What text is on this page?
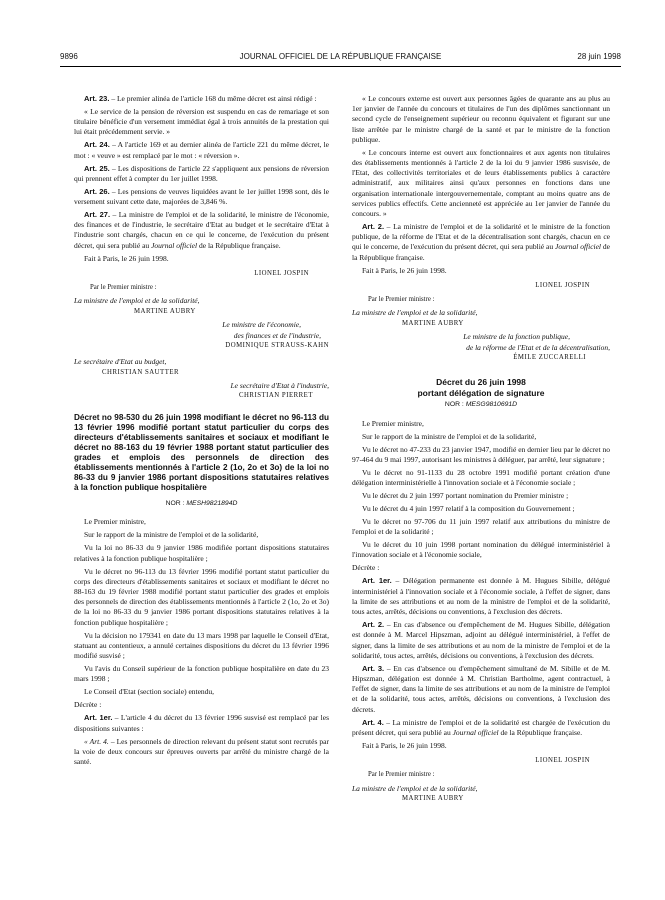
9896	JOURNAL OFFICIEL DE LA RÉPUBLIQUE FRANÇAISE	28 juin 1998

Art. 23. – Le premier alinéa de l'article 168 du même décret est ainsi rédigé :

« Le service de la pension de réversion est suspendu en cas de remariage et son titulaire bénéficie d'un versement immédiat égal à trois annuités de la prestation qui lui était précédemment servie. »

Art. 24. – A l'article 169 et au dernier alinéa de l'article 221 du même décret, le mot : « veuve » est remplacé par le mot : « réversion ».

Art. 25. – Les dispositions de l'article 22 s'appliquent aux pensions de réversion qui prennent effet à compter du 1er juillet 1998.

Art. 26. – Les pensions de veuves liquidées avant le 1er juillet 1998 sont, dès le versement suivant cette date, majorées de 3,846 %.

Art. 27. – La ministre de l'emploi et de la solidarité, le ministre de l'économie, des finances et de l'industrie, le secrétaire d'Etat au budget et le secrétaire d'Etat à l'industrie sont chargés, chacun en ce qui le concerne, de l'exécution du présent décret, qui sera publié au Journal officiel de la République française.

Fait à Paris, le 26 juin 1998.
LIONEL JOSPIN
Par le Premier ministre :
La ministre de l'emploi et de la solidarité,
MARTINE AUBRY
Le ministre de l'économie,
des finances et de l'industrie,
DOMINIQUE STRAUSS-KAHN
Le secrétaire d'Etat au budget,
CHRISTIAN SAUTTER
Le secrétaire d'Etat à l'industrie,
CHRISTIAN PIERRET
Décret no 98-530 du 26 juin 1998 modifiant le décret no 96-113 du 13 février 1996 modifié portant statut particulier du corps des directeurs d'établissements sanitaires et sociaux et modifiant le décret no 88-163 du 19 février 1988 portant statut particulier des grades et emplois des personnels de direction des établissements mentionnés à l'article 2 (1o, 2o et 3o) de la loi no 86-33 du 9 janvier 1986 portant dispositions statutaires relatives à la fonction publique hospitalière
NOR : MESH9821894D

Le Premier ministre,

Sur le rapport de la ministre de l'emploi et de la solidarité,

Vu la loi no 86-33 du 9 janvier 1986 modifiée portant dispositions statutaires relatives à la fonction publique hospitalière ;

Vu le décret no 96-113 du 13 février 1996 modifié portant statut particulier du corps des directeurs d'établissements sanitaires et sociaux et modifiant le décret no 88-163 du 19 février 1988 modifié portant statut particulier des grades et emplois des personnels de direction des établissements mentionnés à l'article 2 (1o, 2o et 3o) de la loi no 86-33 du 9 janvier 1986 portant dispositions statutaires relatives à la fonction publique hospitalière ;

Vu la décision no 179341 en date du 13 mars 1998 par laquelle le Conseil d'Etat, statuant au contentieux, a annulé certaines dispositions du décret du 13 février 1996 modifié susvisé ;

Vu l'avis du Conseil supérieur de la fonction publique hospitalière en date du 23 mars 1998 ;

Le Conseil d'Etat (section sociale) entendu,

Décrète :

Art. 1er. – L'article 4 du décret du 13 février 1996 susvisé est remplacé par les dispositions suivantes :

« Art. 4. – Les personnels de direction relevant du présent statut sont recrutés par la voie de deux concours sur épreuves ouverts par arrêté du ministre chargé de la santé.

« Le concours externe est ouvert aux personnes âgées de quarante ans au plus au 1er janvier de l'année du concours et titulaires de l'un des diplômes sanctionnant un second cycle de l'enseignement supérieur ou reconnu équivalent et figurant sur une liste arrêtée par le ministre chargé de la santé et par le ministre de la fonction publique.

« Le concours interne est ouvert aux fonctionnaires et aux agents non titulaires des établissements mentionnés à l'article 2 de la loi du 9 janvier 1986 susvisée, de l'Etat, des collectivités territoriales et de leurs établissements publics à caractère administratif, aux militaires ainsi qu'aux personnes en fonctions dans une organisation internationale intergouvernementale, comptant au moins quatre ans de services publics effectifs. Cette ancienneté est appréciée au 1er janvier de l'année du concours. »

Art. 2. – La ministre de l'emploi et de la solidarité et le ministre de la fonction publique, de la réforme de l'Etat et de la décentralisation sont chargés, chacun en ce qui le concerne, de l'exécution du présent décret, qui sera publié au Journal officiel de la République française.

Fait à Paris, le 26 juin 1998.
LIONEL JOSPIN
Par le Premier ministre :
La ministre de l'emploi et de la solidarité,
MARTINE AUBRY
Le ministre de la fonction publique,
de la réforme de l'Etat et de la décentralisation,
ÉMILE ZUCCARELLI
Décret du 26 juin 1998
portant délégation de signature
NOR : MESG9810691D

Le Premier ministre,

Sur le rapport de la ministre de l'emploi et de la solidarité,

Vu le décret no 47-233 du 23 janvier 1947, modifié en dernier lieu par le décret no 97-464 du 9 mai 1997, autorisant les ministres à déléguer, par arrêté, leur signature ;

Vu le décret no 91-1133 du 28 octobre 1991 modifié portant création d'une délégation interministérielle à l'innovation sociale et à l'économie sociale ;

Vu le décret du 2 juin 1997 portant nomination du Premier ministre ;

Vu le décret du 4 juin 1997 relatif à la composition du Gouvernement ;

Vu le décret no 97-706 du 11 juin 1997 relatif aux attributions du ministre de l'emploi et de la solidarité ;

Vu le décret du 10 juin 1998 portant nomination du délégué interministériel à l'innovation sociale et à l'économie sociale,

Décrète :

Art. 1er. – Délégation permanente est donnée à M. Hugues Sibille, délégué interministériel à l'innovation sociale et à l'économie sociale, à l'effet de signer, dans la limite de ses attributions et au nom de la ministre de l'emploi et de la solidarité, tous actes, arrêtés, décisions ou conventions, à l'exclusion des décrets.

Art. 2. – En cas d'absence ou d'empêchement de M. Hugues Sibille, délégation est donnée à M. Marcel Hipszman, adjoint au délégué interministériel, à l'effet de signer, dans la limite de ses attributions et au nom de la ministre de l'emploi et de la solidarité, tous actes, arrêtés, décisions ou conventions, à l'exclusion des décrets.

Art. 3. – En cas d'absence ou d'empêchement simultané de M. Sibille et de M. Hipszman, délégation est donnée à M. Christian Bartholme, agent contractuel, à l'effet de signer, dans la limite de ses attributions et au nom de la ministre de l'emploi et de la solidarité, tous actes, arrêtés, décisions ou conventions, à l'exclusion des décrets.

Art. 4. – La ministre de l'emploi et de la solidarité est chargée de l'exécution du présent décret, qui sera publié au Journal officiel de la République française.

Fait à Paris, le 26 juin 1998.
LIONEL JOSPIN
Par le Premier ministre :
La ministre de l'emploi et de la solidarité,
MARTINE AUBRY
